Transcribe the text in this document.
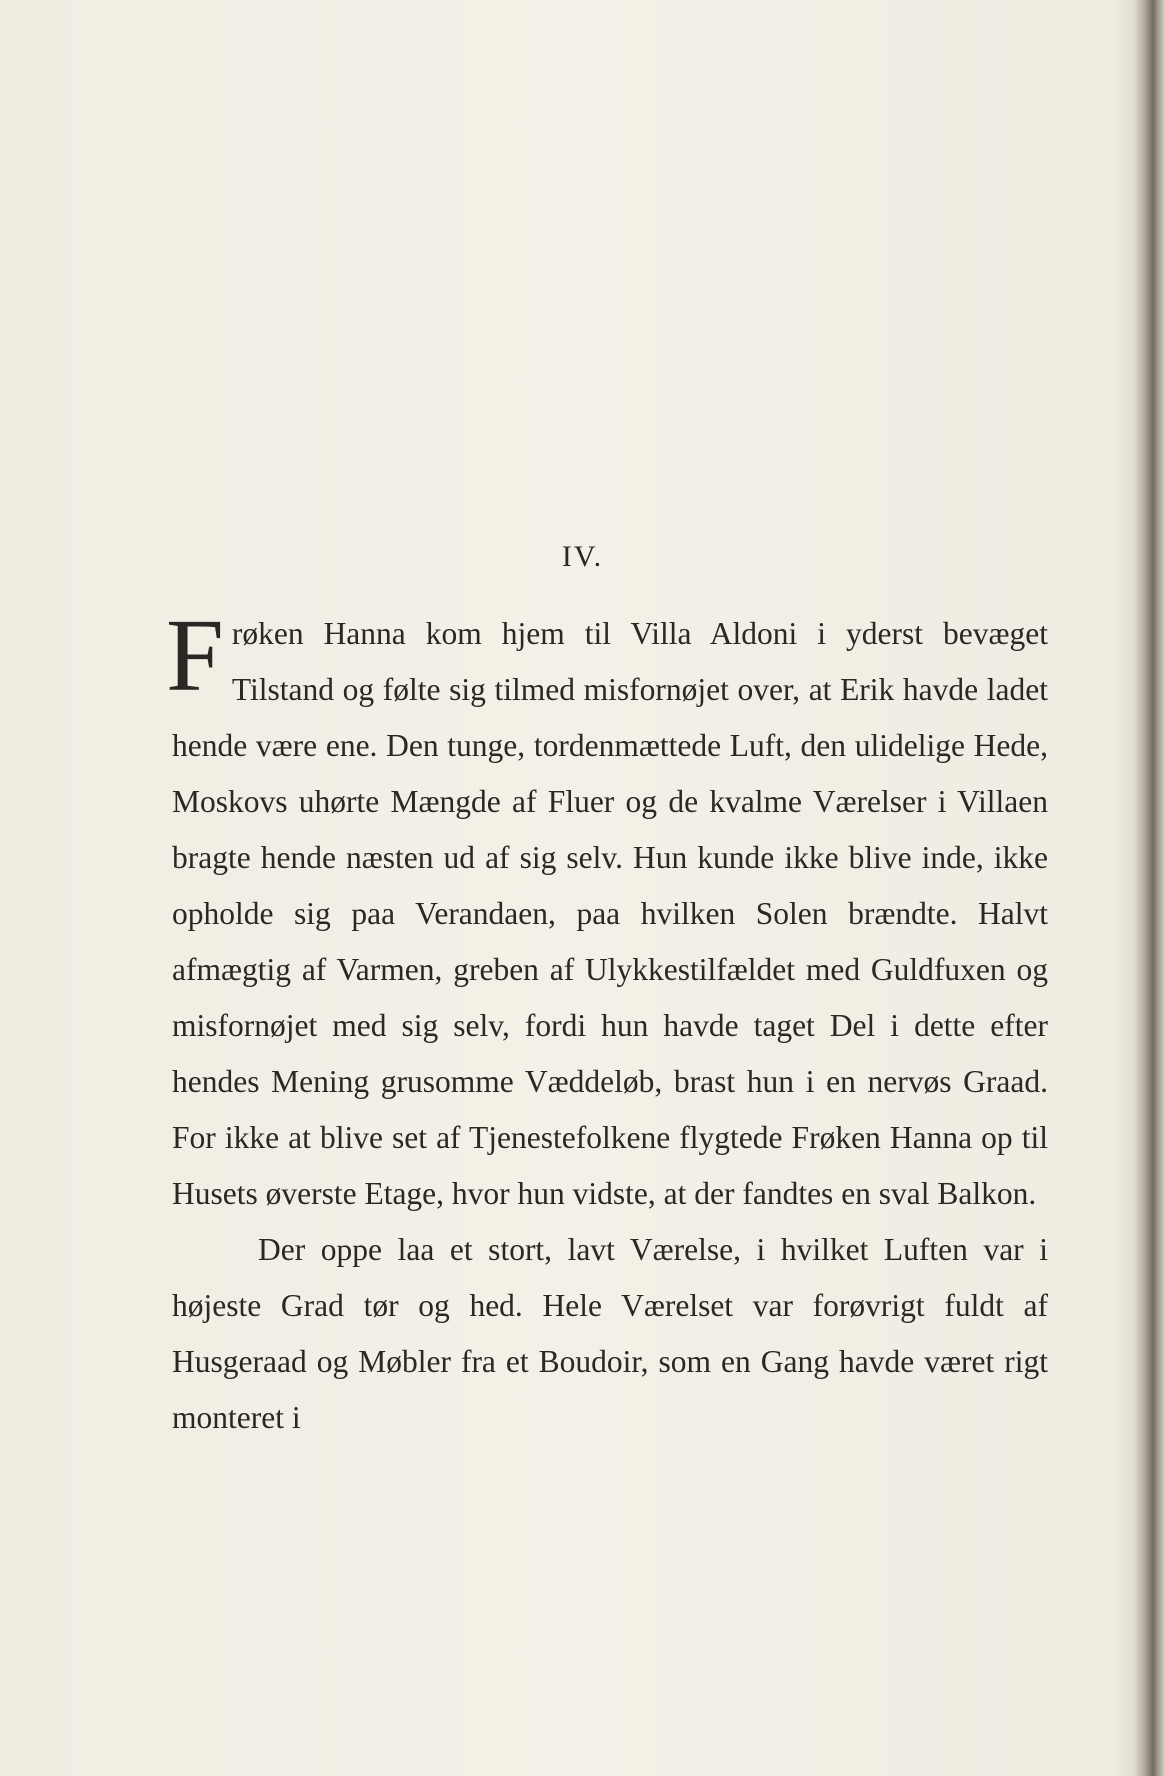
IV.

Frøken Hanna kom hjem til Villa Aldoni i yderst bevæget Tilstand og følte sig tilmed misfornøjet over, at Erik havde ladet hende være ene. Den tunge, tordenmættede Luft, den ulidelige Hede, Moskovs uhørte Mængde af Fluer og de kvalme Værelser i Villaen bragte hende næsten ud af sig selv. Hun kunde ikke blive inde, ikke opholde sig paa Verandaen, paa hvilken Solen brændte. Halvt afmægtig af Varmen, greben af Ulykkestilfældet med Guldfuxen og misfornøjet med sig selv, fordi hun havde taget Del i dette efter hendes Mening grusomme Væddeløb, brast hun i en nervøs Graad. For ikke at blive set af Tjenestefolkene flygtede Frøken Hanna op til Husets øverste Etage, hvor hun vidste, at der fandtes en sval Balkon.

Der oppe laa et stort, lavt Værelse, i hvilket Luften var i højeste Grad tør og hed. Hele Værelset var forøvrigt fuldt af Husgeraad og Møbler fra et Boudoir, som en Gang havde været rigt monteret i
